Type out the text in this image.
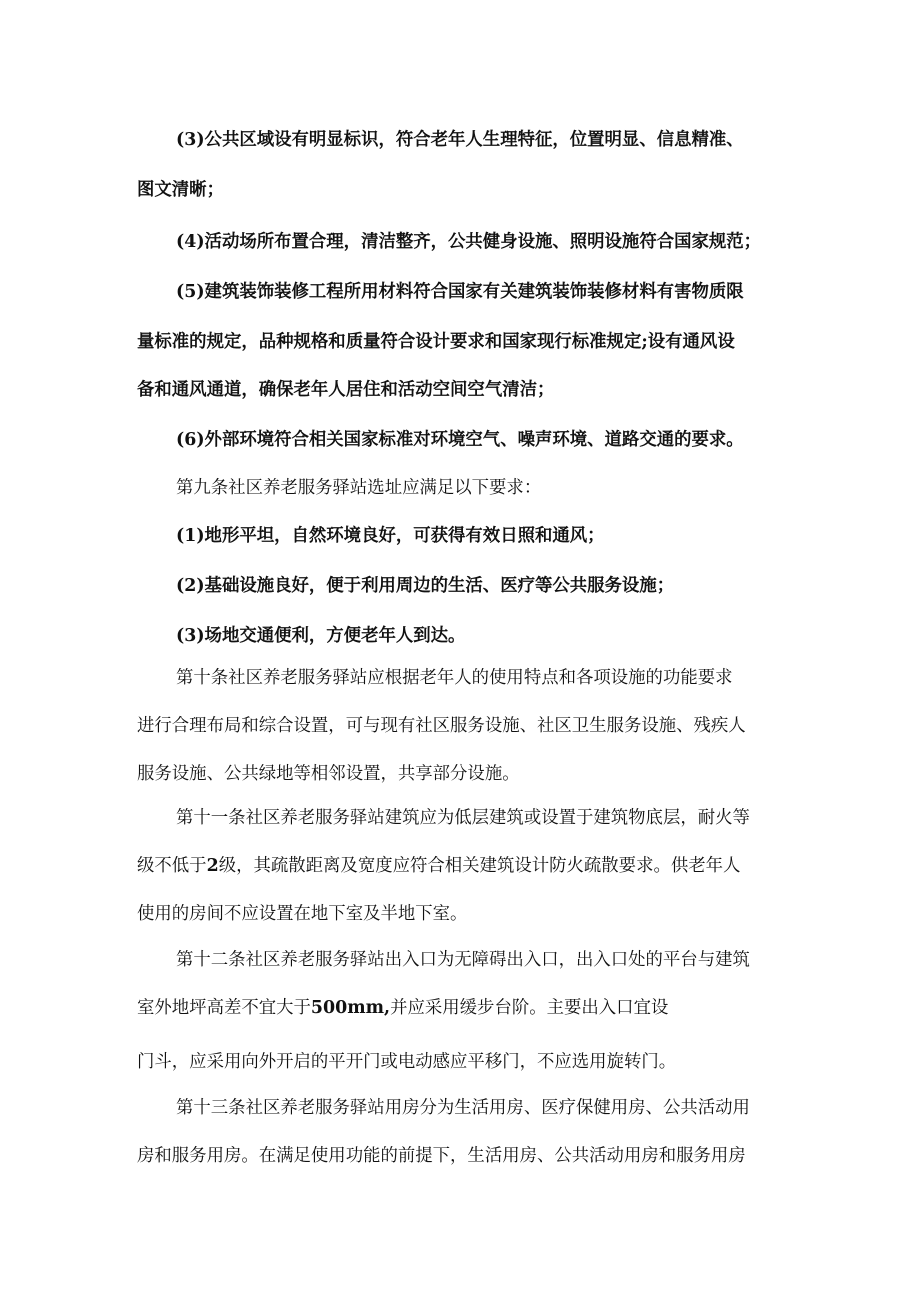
(3)公共区域设有明显标识，符合老年人生理特征，位置明显、信息精准、

图文清晰；

(4)活动场所布置合理，清洁整齐，公共健身设施、照明设施符合国家规范；

(5)建筑装饰装修工程所用材料符合国家有关建筑装饰装修材料有害物质限

量标准的规定，品种规格和质量符合设计要求和国家现行标准规定;设有通风设

备和通风通道，确保老年人居住和活动空间空气清洁；

(6)外部环境符合相关国家标准对环境空气、噪声环境、道路交通的要求。

第九条社区养老服务驿站选址应满足以下要求：

(1)地形平坦，自然环境良好，可获得有效日照和通风；

(2)基础设施良好，便于利用周边的生活、医疗等公共服务设施；

(3)场地交通便利，方便老年人到达。

第十条社区养老服务驿站应根据老年人的使用特点和各项设施的功能要求

进行合理布局和综合设置，可与现有社区服务设施、社区卫生服务设施、残疾人

服务设施、公共绿地等相邻设置，共享部分设施。

第十一条社区养老服务驿站建筑应为低层建筑或设置于建筑物底层，耐火等

级不低于2级，其疏散距离及宽度应符合相关建筑设计防火疏散要求。供老年人

使用的房间不应设置在地下室及半地下室。

第十二条社区养老服务驿站出入口为无障碍出入口，出入口处的平台与建筑

室外地坪高差不宜大于500mm,并应采用缓步台阶。主要出入口宜设

门斗，应采用向外开启的平开门或电动感应平移门，不应选用旋转门。

第十三条社区养老服务驿站用房分为生活用房、医疗保健用房、公共活动用

房和服务用房。在满足使用功能的前提下，生活用房、公共活动用房和服务用房
